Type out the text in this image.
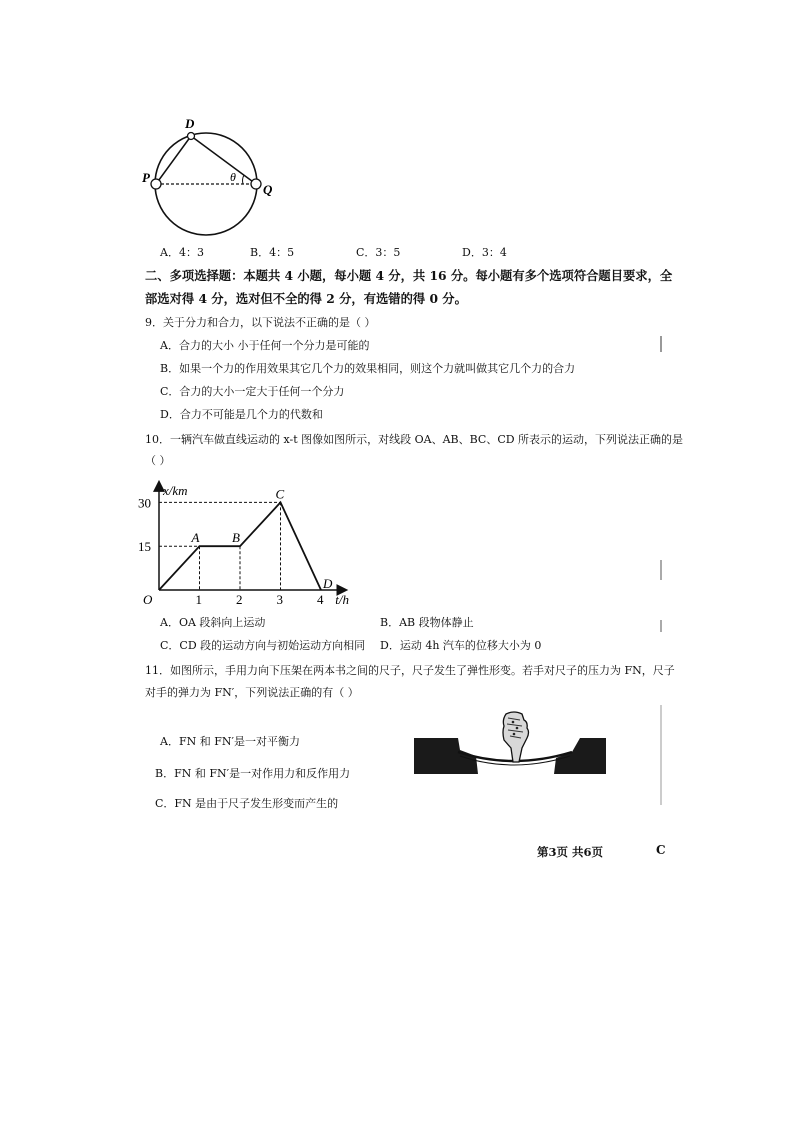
D
P
Q
θ
A．4：3	B．4：5	C．3：5	D．3：4
二、多项选择题：本题共 4 小题，每小题 4 分，共 16 分。每小题有多个选项符合题目要求，全
部选对得 4 分，选对但不全的得 2 分，有选错的得 0 分。
9．关于分力和合力，以下说法不正确的是（ ）
A．合力的大小 小于任何一个分力是可能的
B．如果一个力的作用效果其它几个力的效果相同，则这个力就叫做其它几个力的合力
C．合力的大小一定大于任何一个分力
D．合力不可能是几个力的代数和
10．一辆汽车做直线运动的 x-t 图像如图所示，对线段 OA、AB、BC、CD 所表示的运动，下列说法正确的是
（ ）
t/h
x/km
O	1	2	3	4
15
30
A	B
C
D
A．OA 段斜向上运动	B．AB 段物体静止
C．CD 段的运动方向与初始运动方向相同 D．运动 4h 汽车的位移大小为 0
11．如图所示，手用力向下压架在两本书之间的尺子，尺子发生了弹性形变。若手对尺子的压力为 FN，尺子
对手的弹力为 FN′，下列说法正确的有（ ）
A．FN 和 FN′是一对平衡力
B．FN 和 FN′是一对作用力和反作用力
C．FN 是由于尺子发生形变而产生的
第3页 共6页	C
